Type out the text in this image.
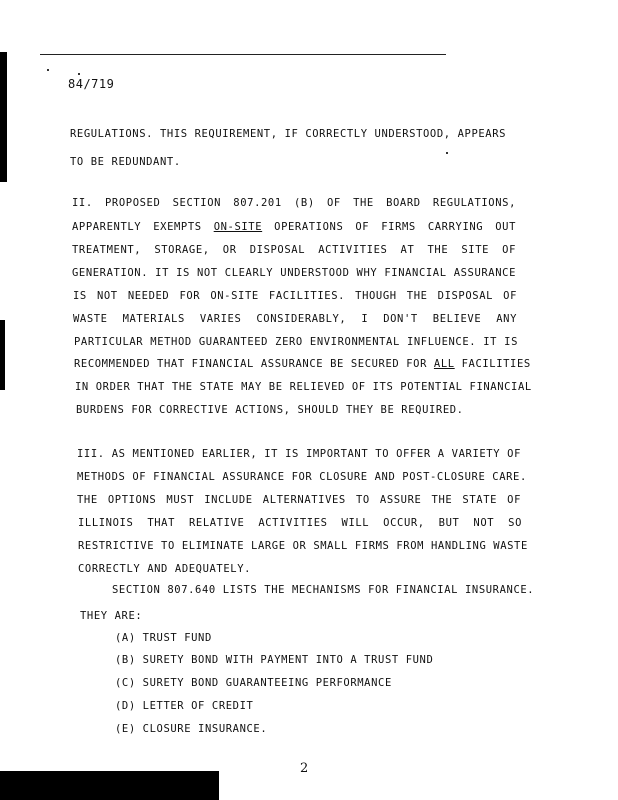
84/719
REGULATIONS. THIS REQUIREMENT, IF CORRECTLY UNDERSTOOD, APPEARS
TO BE REDUNDANT.
II. PROPOSED SECTION 807.201 (B) OF THE BOARD REGULATIONS,
APPARENTLY EXEMPTS ON-SITE OPERATIONS OF FIRMS CARRYING OUT
TREATMENT, STORAGE, OR DISPOSAL ACTIVITIES AT THE SITE OF
GENERATION. IT IS NOT CLEARLY UNDERSTOOD WHY FINANCIAL ASSURANCE
IS NOT NEEDED FOR ON-SITE FACILITIES. THOUGH THE DISPOSAL OF
WASTE MATERIALS VARIES CONSIDERABLY, I DON'T BELIEVE ANY
PARTICULAR METHOD GUARANTEED ZERO ENVIRONMENTAL INFLUENCE. IT IS
RECOMMENDED THAT FINANCIAL ASSURANCE BE SECURED FOR ALL FACILITIES
IN ORDER THAT THE STATE MAY BE RELIEVED OF ITS POTENTIAL FINANCIAL
BURDENS FOR CORRECTIVE ACTIONS, SHOULD THEY BE REQUIRED.
III. AS MENTIONED EARLIER, IT IS IMPORTANT TO OFFER A VARIETY OF
METHODS OF FINANCIAL ASSURANCE FOR CLOSURE AND POST-CLOSURE CARE.
THE OPTIONS MUST INCLUDE ALTERNATIVES TO ASSURE THE STATE OF
ILLINOIS THAT RELATIVE ACTIVITIES WILL OCCUR, BUT NOT SO
RESTRICTIVE TO ELIMINATE LARGE OR SMALL FIRMS FROM HANDLING WASTE
CORRECTLY AND ADEQUATELY.
SECTION 807.640 LISTS THE MECHANISMS FOR FINANCIAL INSURANCE.
THEY ARE:
(A) TRUST FUND
(B) SURETY BOND WITH PAYMENT INTO A TRUST FUND
(C) SURETY BOND GUARANTEEING PERFORMANCE
(D) LETTER OF CREDIT
(E) CLOSURE INSURANCE.
2
